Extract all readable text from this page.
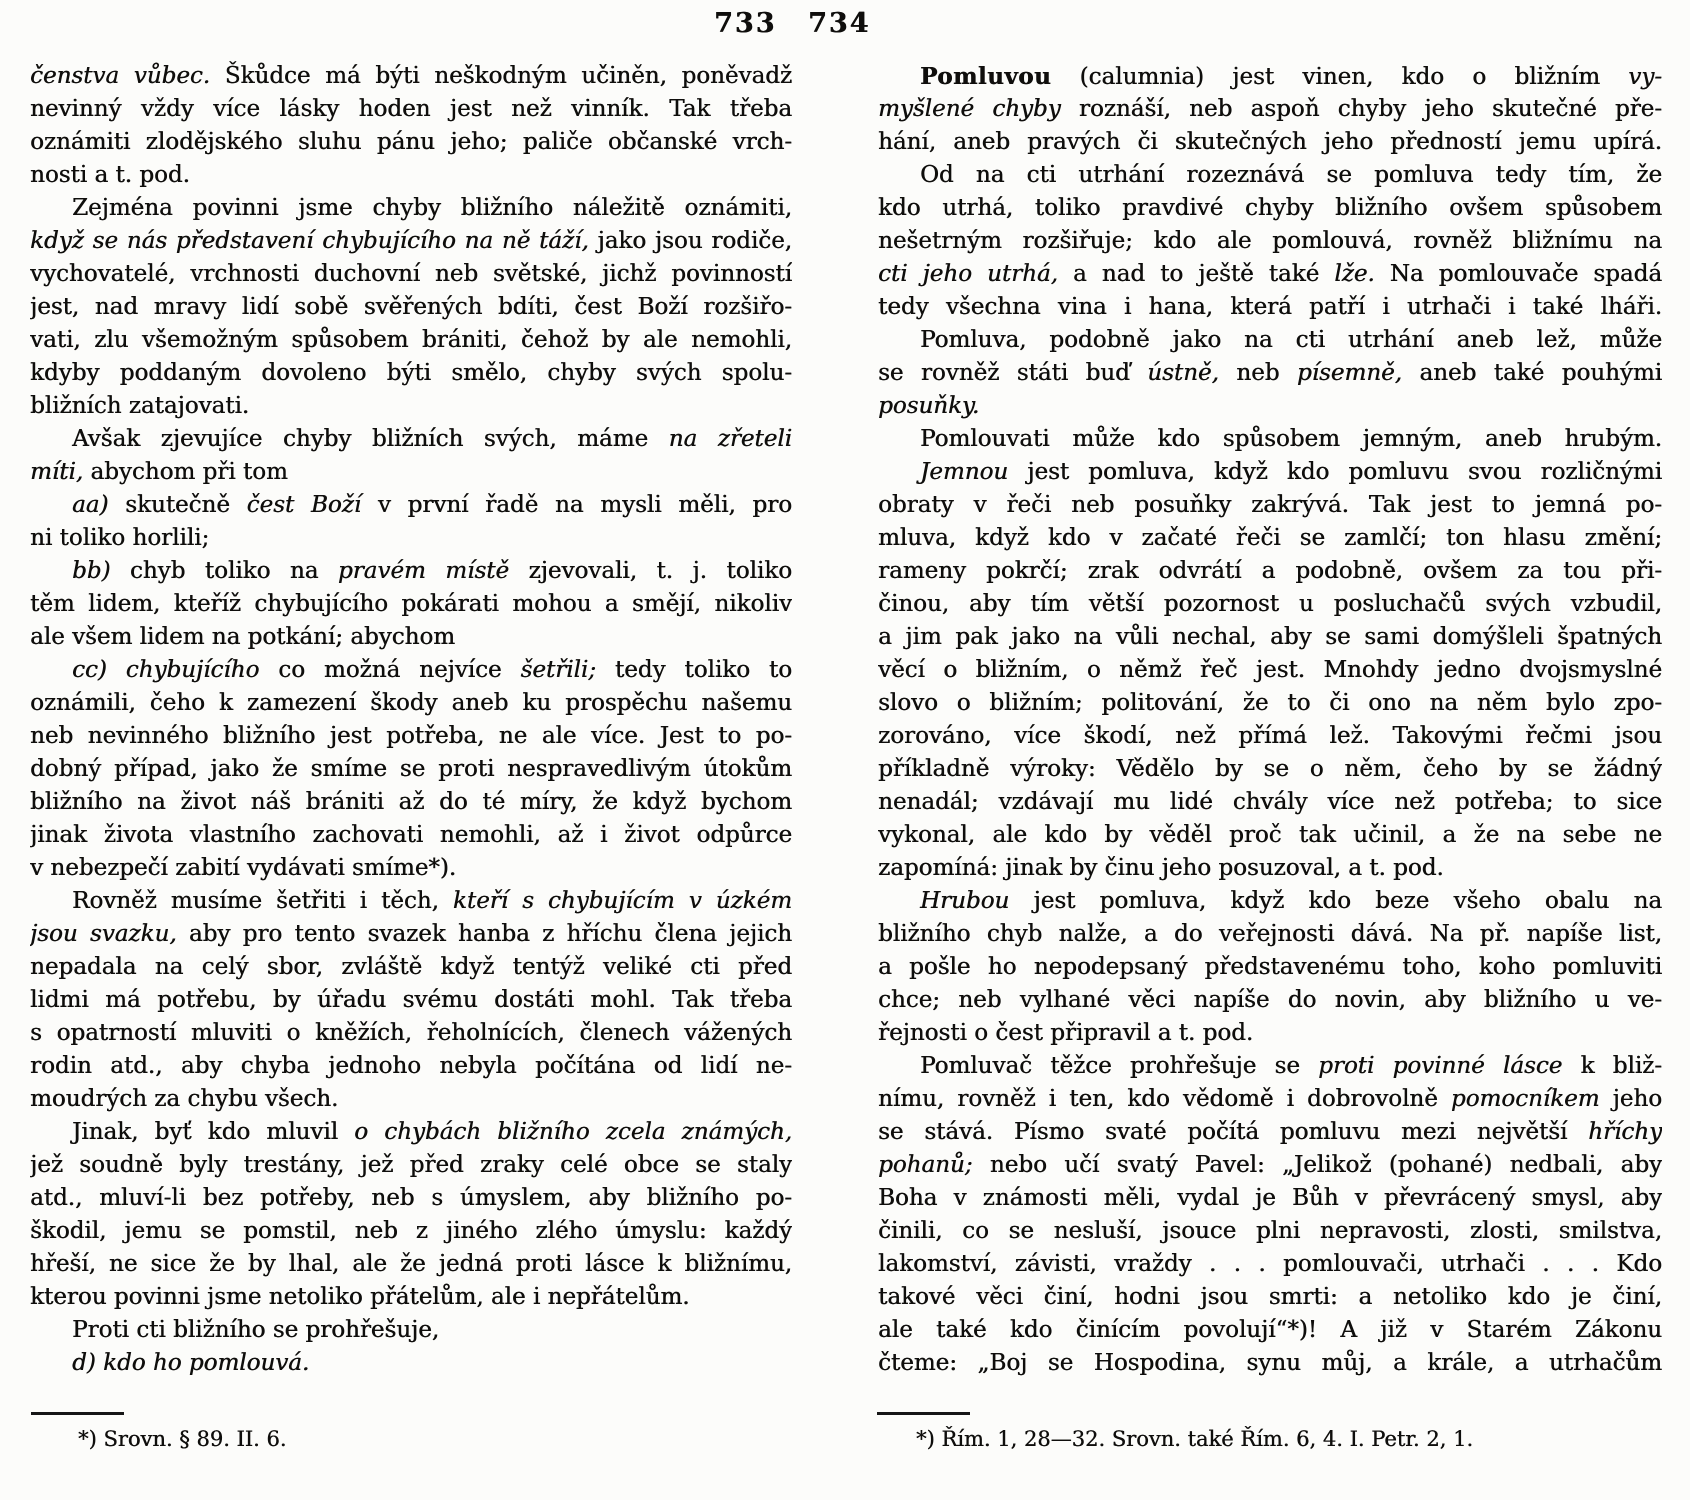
733 734
čenstva vůbec. Škůdce má býti neškodným učiněn, poněvadž
nevinný vždy více lásky hoden jest než vinník. Tak třeba
oznámiti zlodějského sluhu pánu jeho; paliče občanské vrch-
nosti a t. pod.
Zejména povinni jsme chyby bližního náležitě oznámiti,
když se nás představení chybujícího na ně táží, jako jsou rodiče,
vychovatelé, vrchnosti duchovní neb světské, jichž povinností
jest, nad mravy lidí sobě svěřených bdíti, čest Boží rozšiřo-
vati, zlu všemožným spůsobem brániti, čehož by ale nemohli,
kdyby poddaným dovoleno býti smělo, chyby svých spolu-
bližních zatajovati.
Avšak zjevujíce chyby bližních svých, máme na zřeteli
míti, abychom při tom
aa) skutečně čest Boží v první řadě na mysli měli, pro
ni toliko horlili;
bb) chyb toliko na pravém místě zjevovali, t. j. toliko
těm lidem, kteříž chybujícího pokárati mohou a smějí, nikoliv
ale všem lidem na potkání; abychom
cc) chybujícího co možná nejvíce šetřili; tedy toliko to
oznámili, čeho k zamezení škody aneb ku prospěchu našemu
neb nevinného bližního jest potřeba, ne ale více. Jest to po-
dobný případ, jako že smíme se proti nespravedlivým útokům
bližního na život náš brániti až do té míry, že když bychom
jinak života vlastního zachovati nemohli, až i život odpůrce
v nebezpečí zabití vydávati smíme*).
Rovněž musíme šetřiti i těch, kteří s chybujícím v úzkém
jsou svazku, aby pro tento svazek hanba z hříchu člena jejich
nepadala na celý sbor, zvláště když tentýž veliké cti před
lidmi má potřebu, by úřadu svému dostáti mohl. Tak třeba
s opatrností mluviti o kněžích, řeholnících, členech vážených
rodin atd., aby chyba jednoho nebyla počítána od lidí ne-
moudrých za chybu všech.
Jinak, byť kdo mluvil o chybách bližního zcela známých,
jež soudně byly trestány, jež před zraky celé obce se staly
atd., mluví-li bez potřeby, neb s úmyslem, aby bližního po-
škodil, jemu se pomstil, neb z jiného zlého úmyslu: každý
hřeší, ne sice že by lhal, ale že jedná proti lásce k bližnímu,
kterou povinni jsme netoliko přátelům, ale i nepřátelům.
Proti cti bližního se prohřešuje,
d) kdo ho pomlouvá.
Pomluvou (calumnia) jest vinen, kdo o bližním vy-
myšlené chyby roznáší, neb aspoň chyby jeho skutečné pře-
hání, aneb pravých či skutečných jeho předností jemu upírá.
Od na cti utrhání rozeznává se pomluva tedy tím, že
kdo utrhá, toliko pravdivé chyby bližního ovšem spůsobem
nešetrným rozšiřuje; kdo ale pomlouvá, rovněž bližnímu na
cti jeho utrhá, a nad to ještě také lže. Na pomlouvače spadá
tedy všechna vina i hana, která patří i utrhači i také lháři.
Pomluva, podobně jako na cti utrhání aneb lež, může
se rovněž státi buď ústně, neb písemně, aneb také pouhými
posuňky.
Pomlouvati může kdo spůsobem jemným, aneb hrubým.
Jemnou jest pomluva, když kdo pomluvu svou rozličnými
obraty v řeči neb posuňky zakrývá. Tak jest to jemná po-
mluva, když kdo v začaté řeči se zamlčí; ton hlasu změní;
rameny pokrčí; zrak odvrátí a podobně, ovšem za tou při-
činou, aby tím větší pozornost u posluchačů svých vzbudil,
a jim pak jako na vůli nechal, aby se sami domýšleli špatných
věcí o bližním, o němž řeč jest. Mnohdy jedno dvojsmyslné
slovo o bližním; politování, že to či ono na něm bylo zpo-
zorováno, více škodí, než přímá lež. Takovými řečmi jsou
příkladně výroky: Vědělo by se o něm, čeho by se žádný
nenadál; vzdávají mu lidé chvály více než potřeba; to sice
vykonal, ale kdo by věděl proč tak učinil, a že na sebe ne
zapomíná: jinak by činu jeho posuzoval, a t. pod.
Hrubou jest pomluva, když kdo beze všeho obalu na
bližního chyb nalže, a do veřejnosti dává. Na př. napíše list,
a pošle ho nepodepsaný představenému toho, koho pomluviti
chce; neb vylhané věci napíše do novin, aby bližního u ve-
řejnosti o čest připravil a t. pod.
Pomluvač těžce prohřešuje se proti povinné lásce k bliž-
nímu, rovněž i ten, kdo vědomě i dobrovolně pomocníkem jeho
se stává. Písmo svaté počítá pomluvu mezi největší hříchy
pohanů; nebo učí svatý Pavel: „Jelikož (pohané) nedbali, aby
Boha v známosti měli, vydal je Bůh v převrácený smysl, aby
činili, co se nesluší, jsouce plni nepravosti, zlosti, smilstva,
lakomství, závisti, vraždy . . . pomlouvači, utrhači . . . Kdo
takové věci činí, hodni jsou smrti: a netoliko kdo je činí,
ale také kdo činícím povolují“*)! A již v Starém Zákonu
čteme: „Boj se Hospodina, synu můj, a krále, a utrhačům
*) Srovn. § 89. II. 6.	*) Řím. 1, 28—32. Srovn. také Řím. 6, 4. I. Petr. 2, 1.
